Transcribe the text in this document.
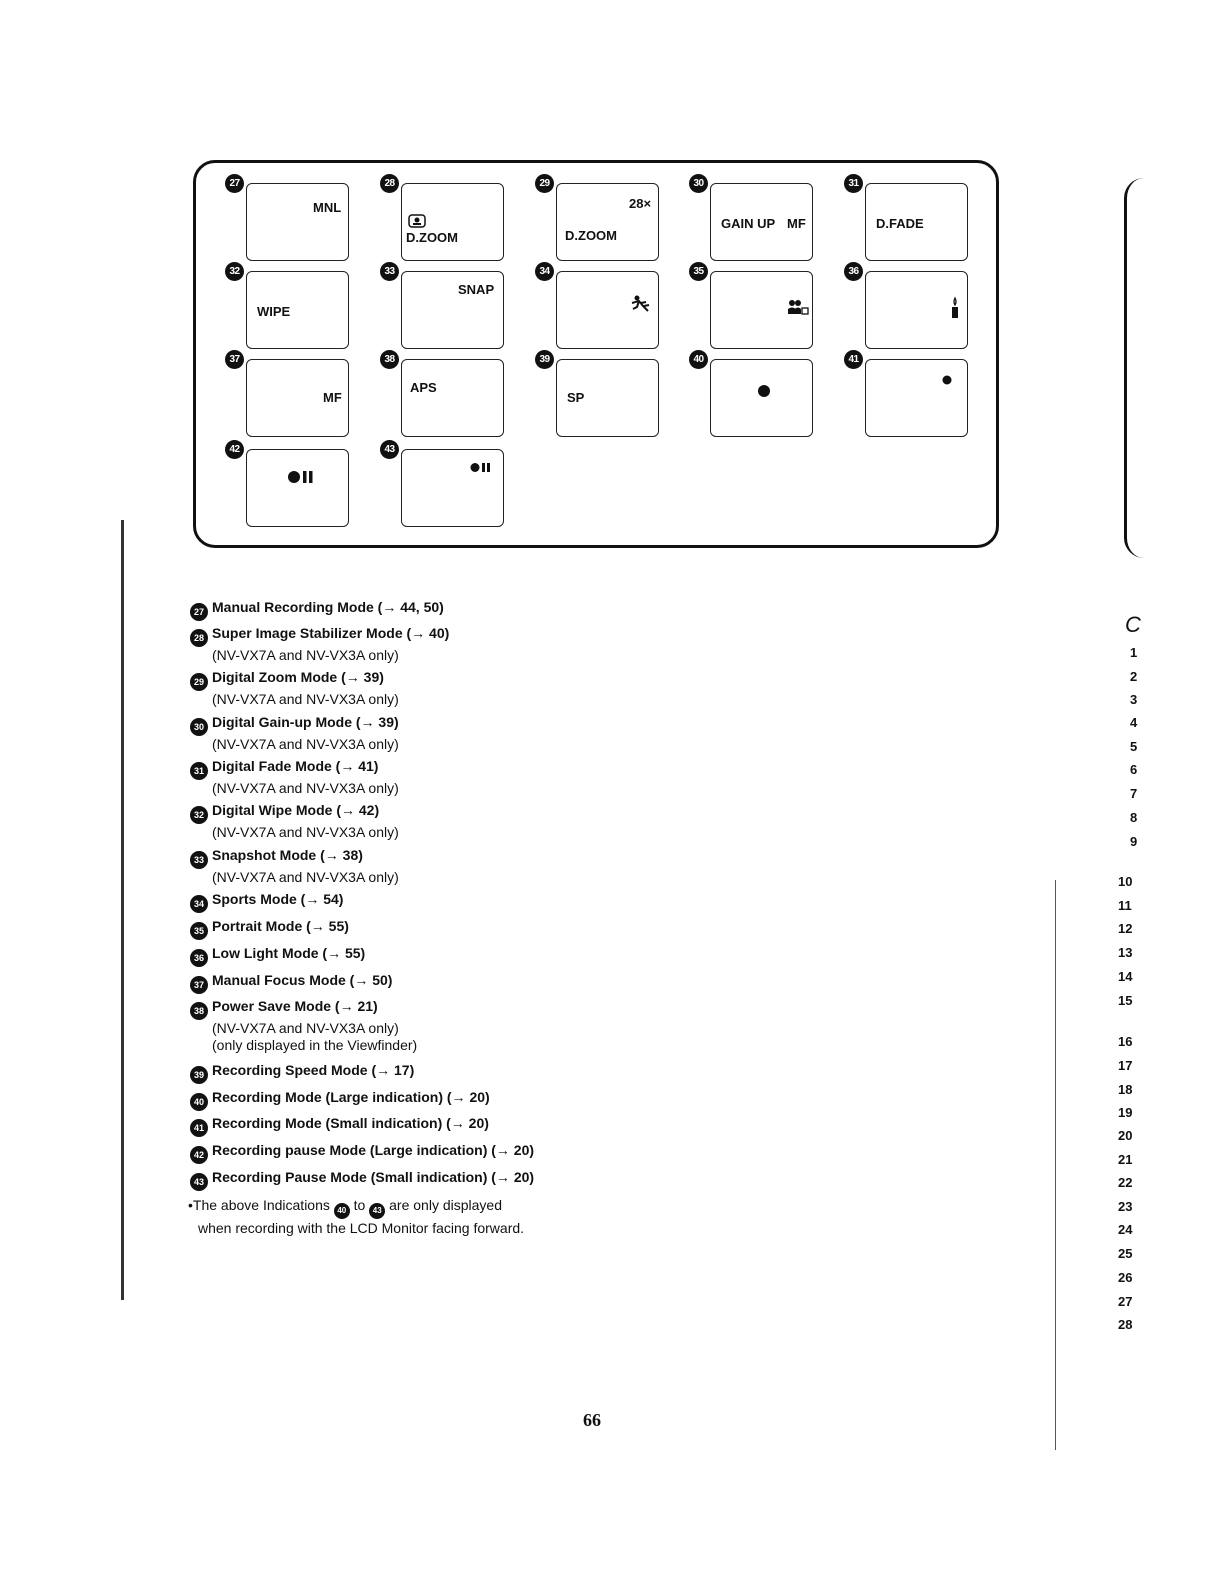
27
MNL
28
D.ZOOM
29
D.ZOOM
28×
30
GAIN UP MF
31
D.FADE
32
WIPE
33
SNAP
34	35	36
37
MF
38
APS
39
SP
40	41
42	43
27 Manual Recording Mode (→ 44, 50)
28 Super Image Stabilizer Mode (→ 40)
(NV-VX7A and NV-VX3A only)
29 Digital Zoom Mode (→ 39)
(NV-VX7A and NV-VX3A only)
30 Digital Gain-up Mode (→ 39)
(NV-VX7A and NV-VX3A only)
31 Digital Fade Mode (→ 41)
(NV-VX7A and NV-VX3A only)
32 Digital Wipe Mode (→ 42)
(NV-VX7A and NV-VX3A only)
33 Snapshot Mode (→ 38)
(NV-VX7A and NV-VX3A only)
34 Sports Mode (→ 54)
35 Portrait Mode (→ 55)
36 Low Light Mode (→ 55)
37 Manual Focus Mode (→ 50)
38 Power Save Mode (→ 21)
(NV-VX7A and NV-VX3A only)
(only displayed in the Viewfinder)
39 Recording Speed Mode (→ 17)
40 Recording Mode (Large indication) (→ 20)
41 Recording Mode (Small indication) (→ 20)
42 Recording pause Mode (Large indication) (→ 20)
43 Recording Pause Mode (Small indication) (→ 20)
•The above Indications 40 to 43 are only displayed
when recording with the LCD Monitor facing forward.
C
1
2
3
4
5
6
7
8
9
10
11
12
13
14
15
16
17
18
19
20
21
22
23
24
25
26
27
28
66
